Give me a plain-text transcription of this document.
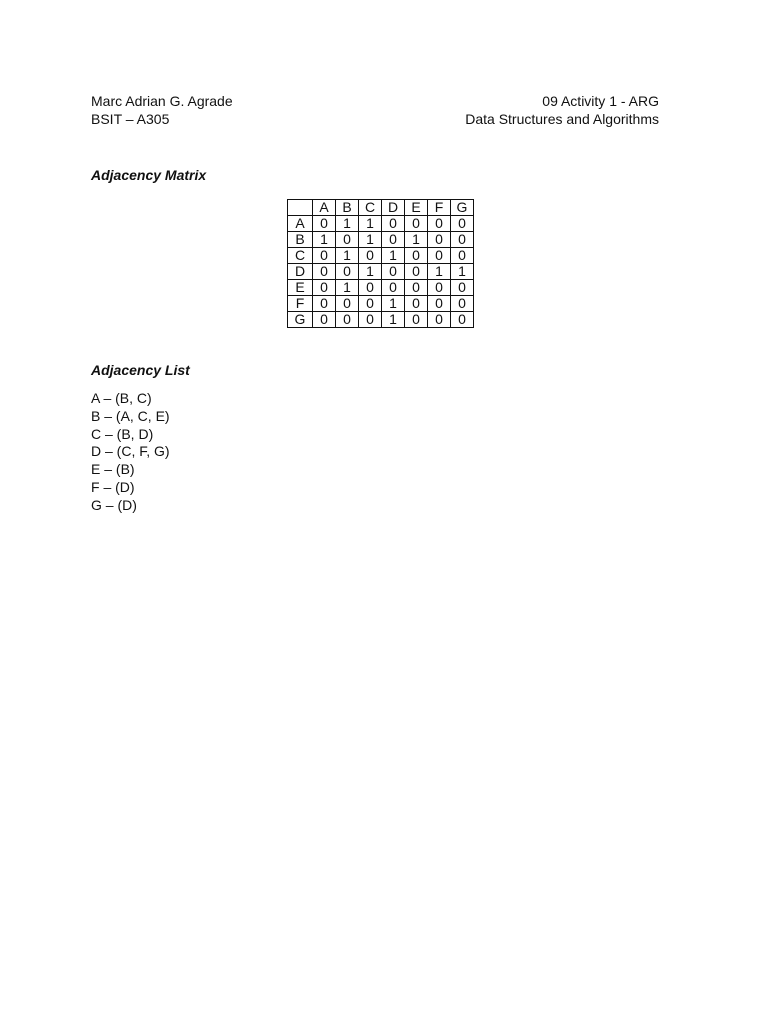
Marc Adrian G. Agrade
BSIT – A305
09 Activity 1 - ARG
Data Structures and Algorithms
Adjacency Matrix
	A	B	C	D	E	F	G
A	0	1	1	0	0	0	0
B	1	0	1	0	1	0	0
C	0	1	0	1	0	0	0
D	0	0	1	0	0	1	1
E	0	1	0	0	0	0	0
F	0	0	0	1	0	0	0
G	0	0	0	1	0	0	0
Adjacency List
A – (B, C)
B – (A, C, E)
C – (B, D)
D – (C, F, G)
E – (B)
F – (D)
G – (D)
